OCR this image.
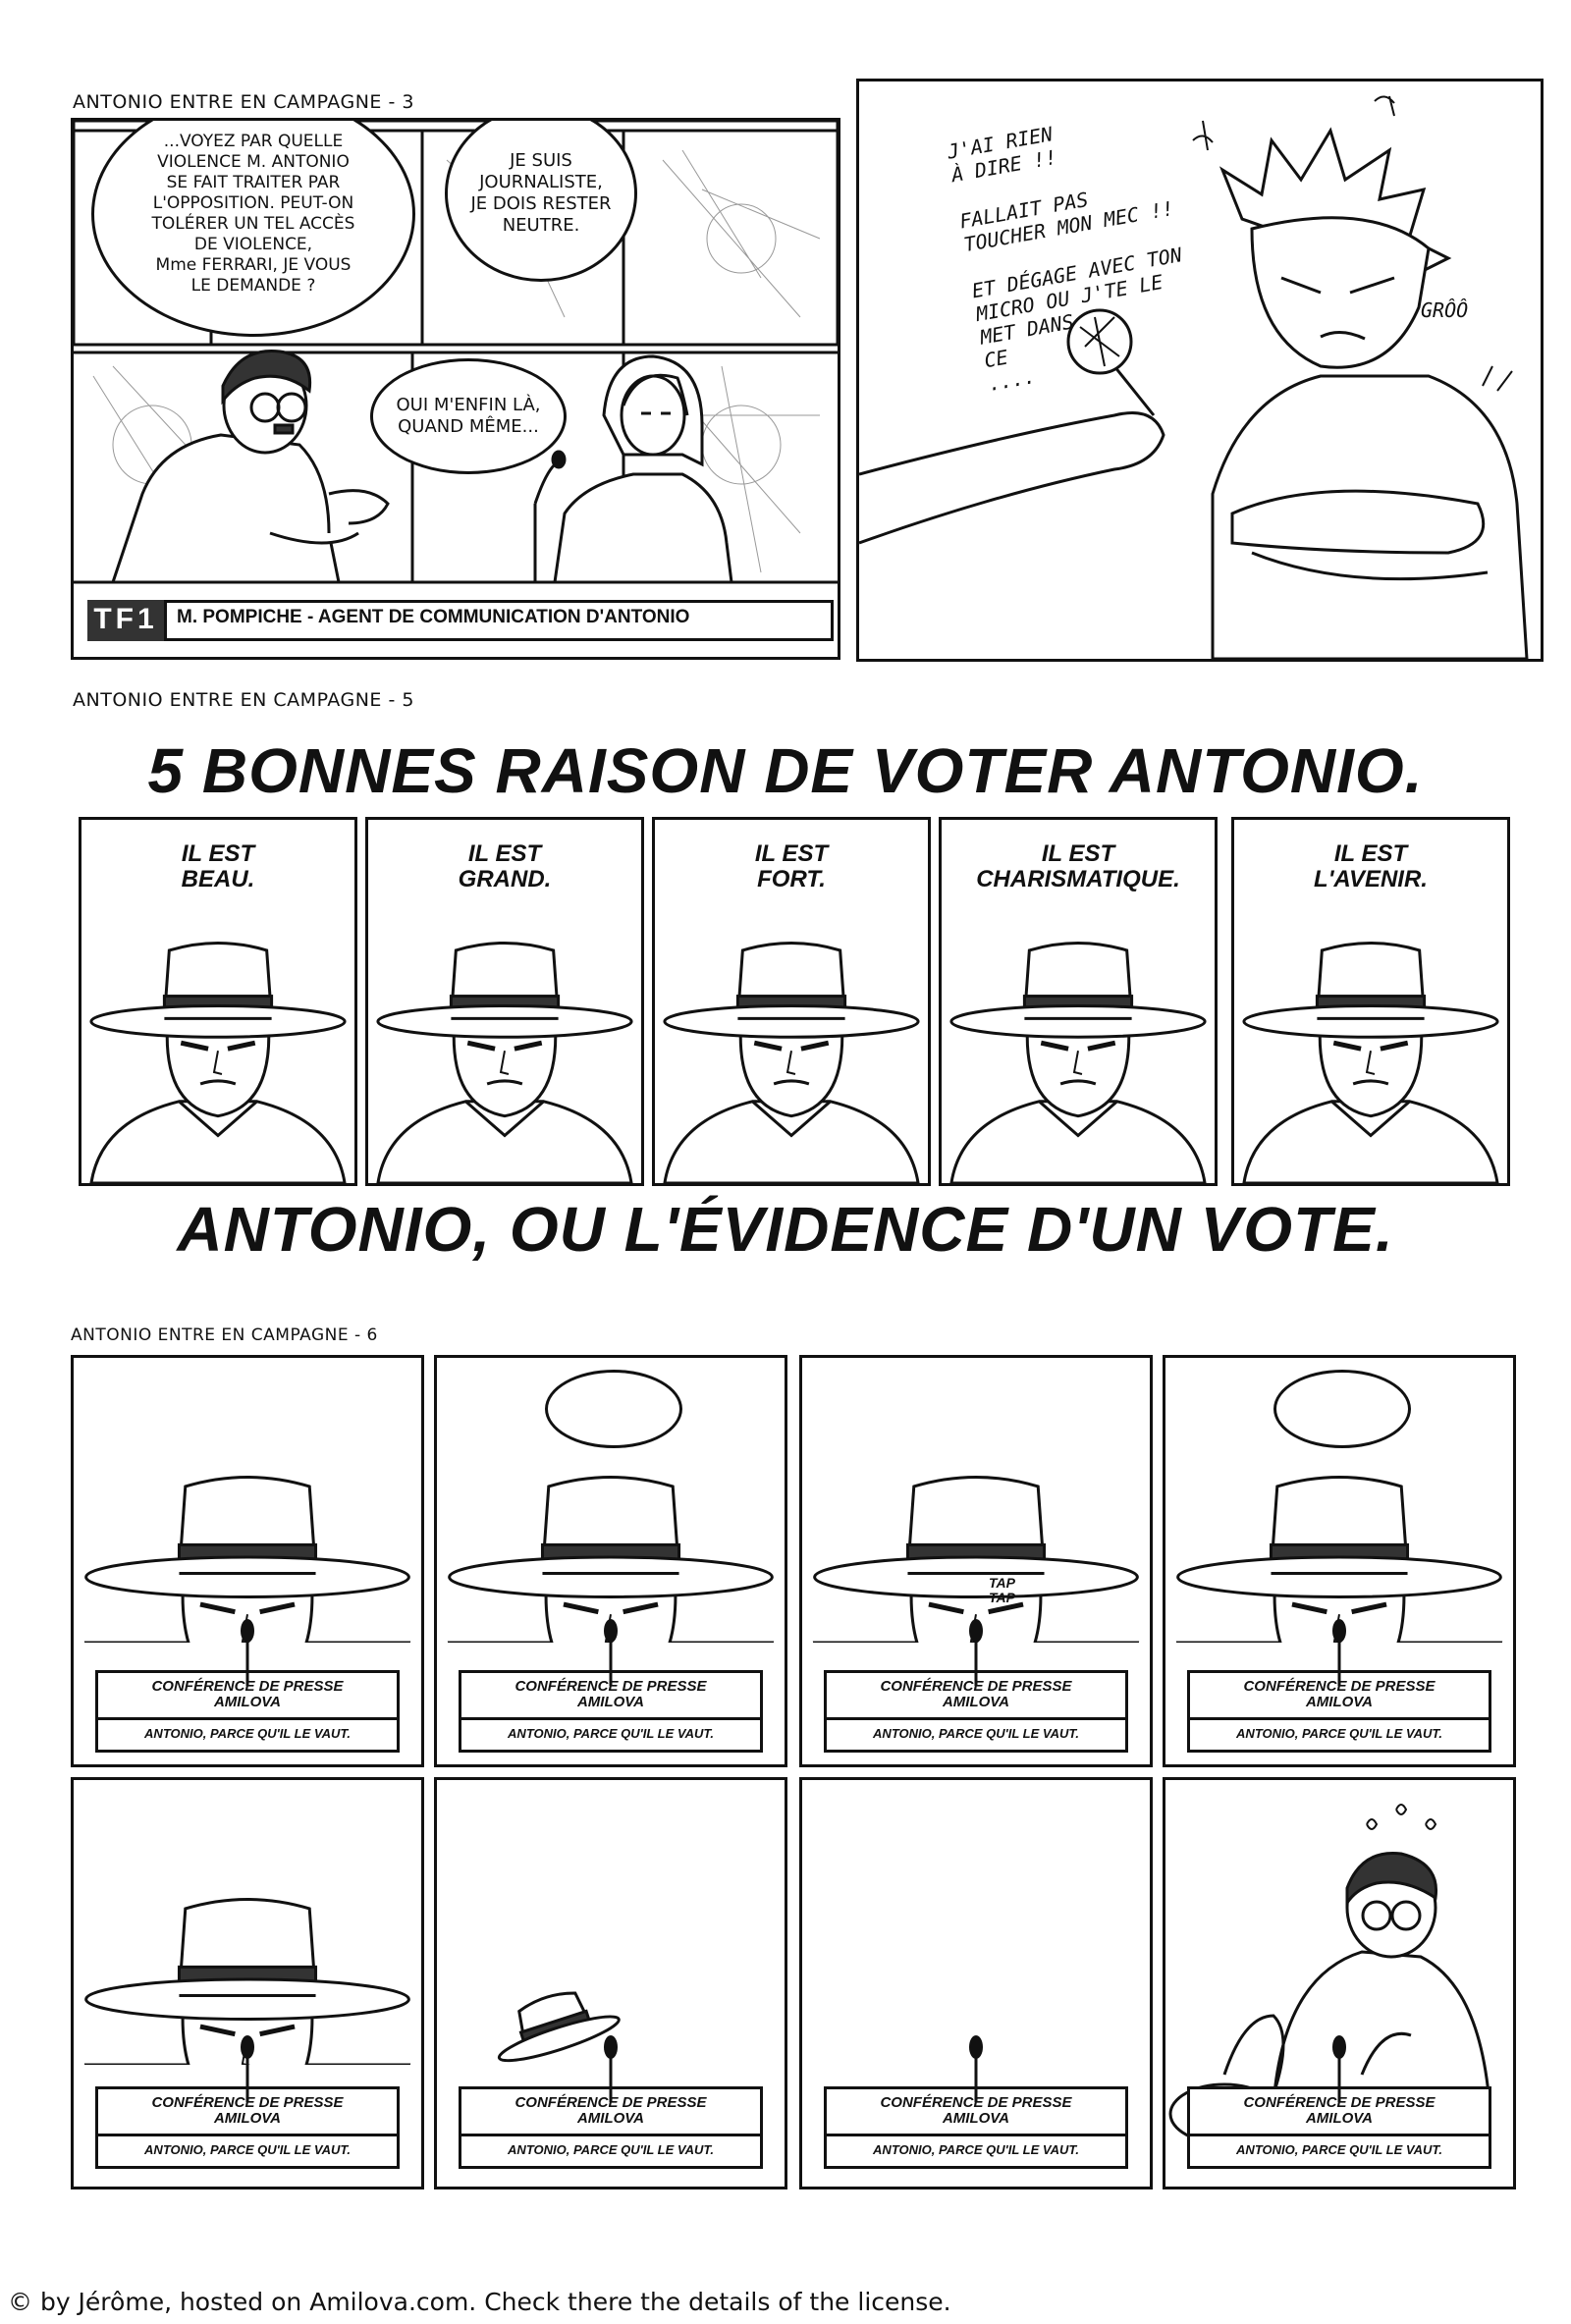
ANTONIO ENTRE EN CAMPAGNE - 3
...VOYEZ PAR QUELLE
VIOLENCE M. ANTONIO
SE FAIT TRAITER PAR
L'OPPOSITION. PEUT-ON
TOLÉRER UN TEL ACCÈS
DE VIOLENCE,
Mme FERRARI, JE VOUS
LE DEMANDE ?
JE SUIS
JOURNALISTE,
JE DOIS RESTER
NEUTRE.
OUI M'ENFIN LÀ,
QUAND MÊME...
TF1	M. POMPICHE - AGENT DE COMMUNICATION D'ANTONIO
J'AI RIEN
À DIRE !!

FALLAIT PAS
TOUCHER MON MEC !!

ET DÉGAGE AVEC TON
MICRO OU J'TE LE
MET DANS
CE
....
GRÔÔ
ANTONIO ENTRE EN CAMPAGNE - 5
5 BONNES RAISON DE VOTER ANTONIO.
IL EST
BEAU.
IL EST
GRAND.
IL EST
FORT.
IL EST
CHARISMATIQUE.
IL EST
L'AVENIR.
ANTONIO, OU L'ÉVIDENCE D'UN VOTE.
ANTONIO ENTRE EN CAMPAGNE - 6
CONFÉRENCE DE PRESSE
AMILOVA
ANTONIO, PARCE QU'IL LE VAUT.
CONFÉRENCE DE PRESSE
AMILOVA
ANTONIO, PARCE QU'IL LE VAUT.
TAP
TAP
CONFÉRENCE DE PRESSE
AMILOVA
ANTONIO, PARCE QU'IL LE VAUT.
CONFÉRENCE DE PRESSE
AMILOVA
ANTONIO, PARCE QU'IL LE VAUT.
CONFÉRENCE DE PRESSE
AMILOVA
ANTONIO, PARCE QU'IL LE VAUT.
CONFÉRENCE DE PRESSE
AMILOVA
ANTONIO, PARCE QU'IL LE VAUT.
CONFÉRENCE DE PRESSE
AMILOVA
ANTONIO, PARCE QU'IL LE VAUT.
CONFÉRENCE DE PRESSE
AMILOVA
ANTONIO, PARCE QU'IL LE VAUT.
© by Jérôme, hosted on Amilova.com. Check there the details of the license.
